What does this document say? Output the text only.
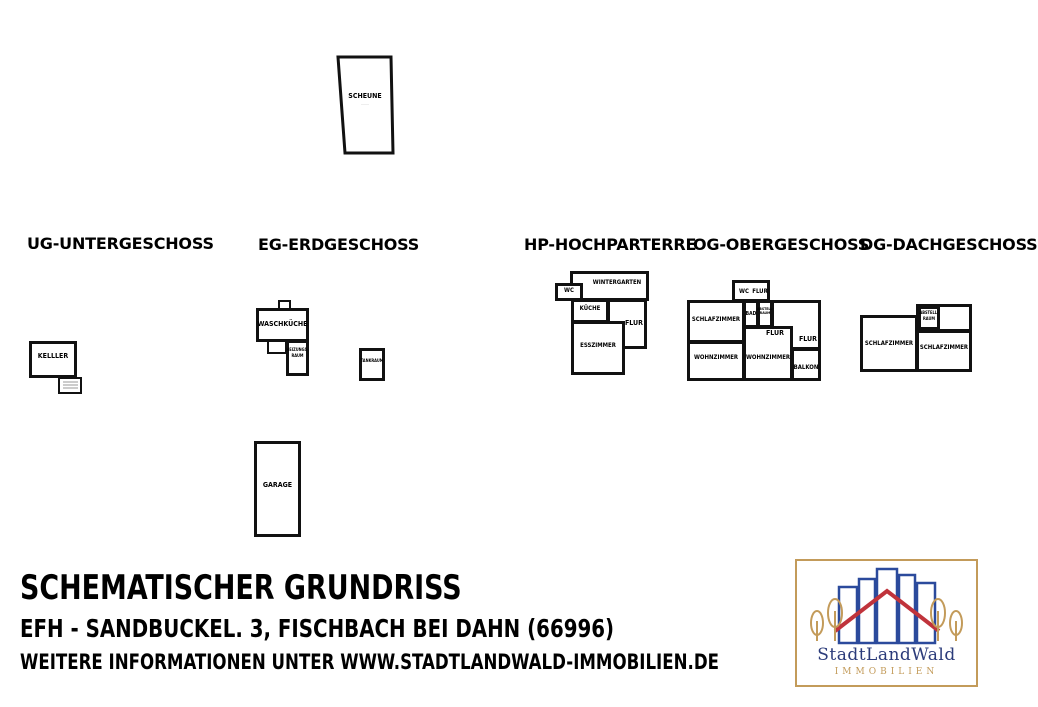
UG-UNTERGESCHOSS	EG-ERDGESCHOSS	HP-HOCHPARTERRE
OG-OBERGESCHOSS
DG-DACHGESCHOSS
SCHEUNE
· · · ·
KELLLER
WASCHKÜCHE
HEIZUNGS-
RAUM
TANKRAUM
GARAGE
WC
WINTERGARTEN
KÜCHE
FLUR
ESSZIMMER
WC FLUR
SCHLAFZIMMER
BAD
ABSTELL-
RAUM
FLUR
FLUR
WOHNZIMMER	WOHNZIMMER
BALKON
ABSTELL-
RAUM
SCHLAFZIMMER
SCHLAFZIMMER
SCHEMATISCHER GRUNDRISS
EFH - SANDBUCKEL. 3, FISCHBACH BEI DAHN (66996)
WEITERE INFORMATIONEN UNTER WWW.STADTLANDWALD-IMMOBILIEN.DE	StadtLandWald
IMMOBILIEN
